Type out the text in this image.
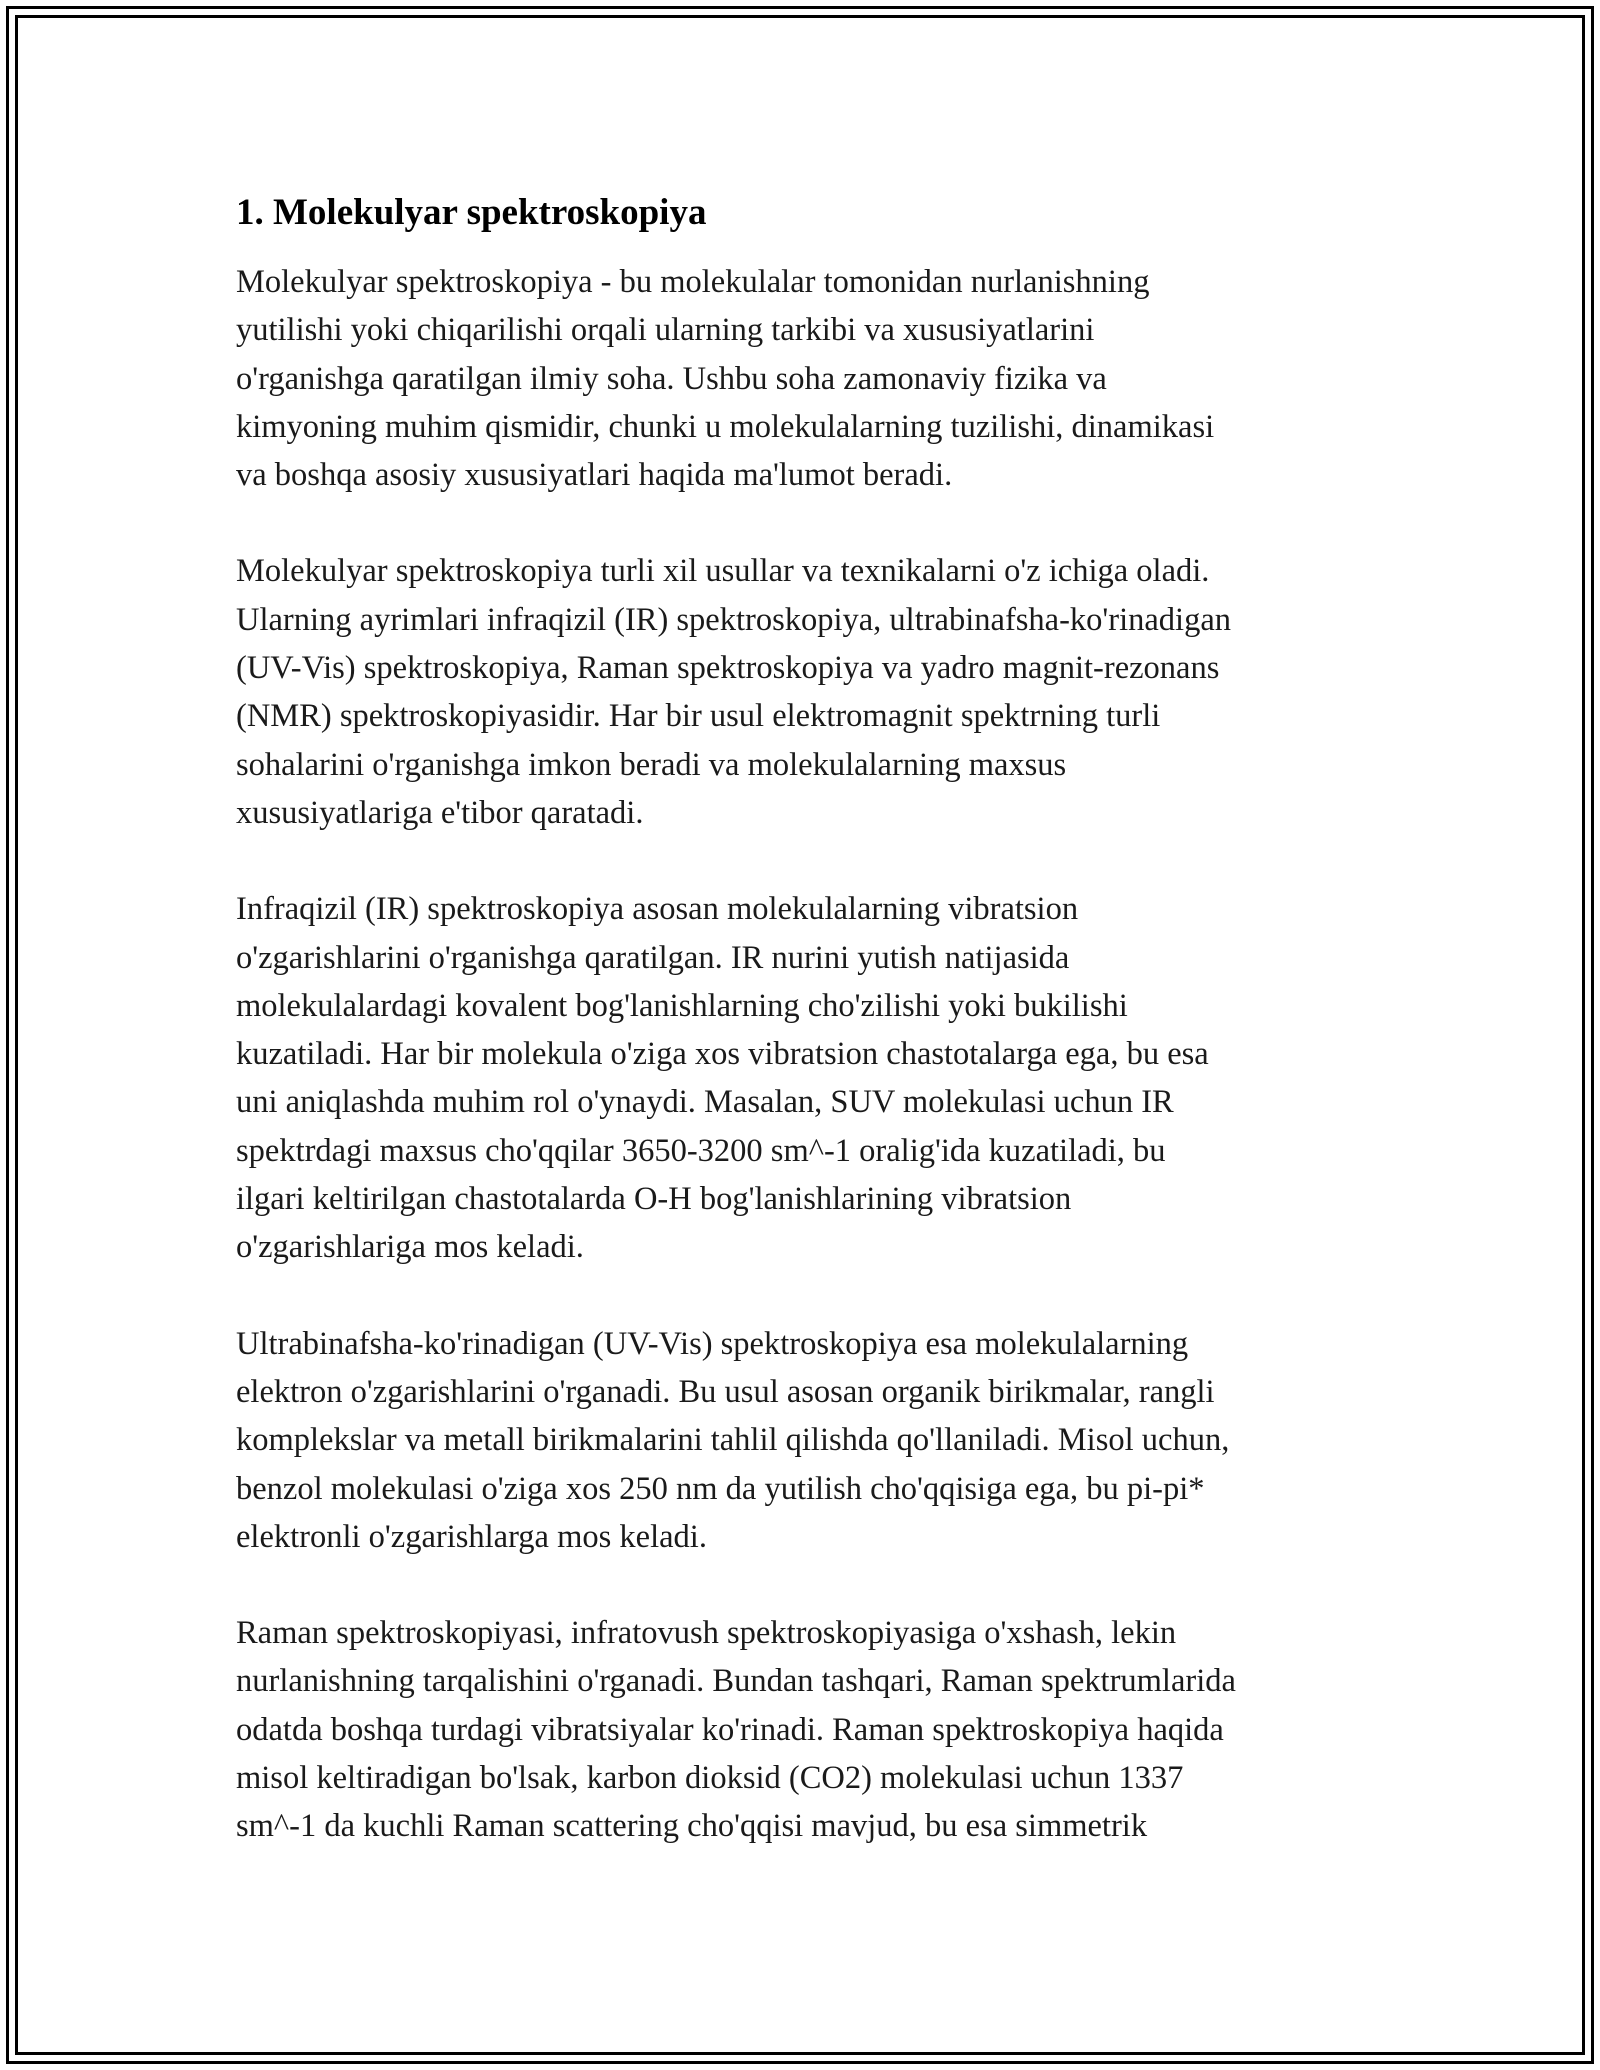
1. Molekulyar spektroskopiya

Molekulyar spektroskopiya - bu molekulalar tomonidan nurlanishning
yutilishi yoki chiqarilishi orqali ularning tarkibi va xususiyatlarini
o'rganishga qaratilgan ilmiy soha. Ushbu soha zamonaviy fizika va
kimyoning muhim qismidir, chunki u molekulalarning tuzilishi, dinamikasi
va boshqa asosiy xususiyatlari haqida ma'lumot beradi.

Molekulyar spektroskopiya turli xil usullar va texnikalarni o'z ichiga oladi.
Ularning ayrimlari infraqizil (IR) spektroskopiya, ultrabinafsha-ko'rinadigan
(UV-Vis) spektroskopiya, Raman spektroskopiya va yadro magnit-rezonans
(NMR) spektroskopiyasidir. Har bir usul elektromagnit spektrning turli
sohalarini o'rganishga imkon beradi va molekulalarning maxsus
xususiyatlariga e'tibor qaratadi.

Infraqizil (IR) spektroskopiya asosan molekulalarning vibratsion
o'zgarishlarini o'rganishga qaratilgan. IR nurini yutish natijasida
molekulalardagi kovalent bog'lanishlarning cho'zilishi yoki bukilishi
kuzatiladi. Har bir molekula o'ziga xos vibratsion chastotalarga ega, bu esa
uni aniqlashda muhim rol o'ynaydi. Masalan, SUV molekulasi uchun IR
spektrdagi maxsus cho'qqilar 3650-3200 sm^-1 oralig'ida kuzatiladi, bu
ilgari keltirilgan chastotalarda O-H bog'lanishlarining vibratsion
o'zgarishlariga mos keladi.

Ultrabinafsha-ko'rinadigan (UV-Vis) spektroskopiya esa molekulalarning
elektron o'zgarishlarini o'rganadi. Bu usul asosan organik birikmalar, rangli
komplekslar va metall birikmalarini tahlil qilishda qo'llaniladi. Misol uchun,
benzol molekulasi o'ziga xos 250 nm da yutilish cho'qqisiga ega, bu pi-pi*
elektronli o'zgarishlarga mos keladi.

Raman spektroskopiyasi, infratovush spektroskopiyasiga o'xshash, lekin
nurlanishning tarqalishini o'rganadi. Bundan tashqari, Raman spektrumlarida
odatda boshqa turdagi vibratsiyalar ko'rinadi. Raman spektroskopiya haqida
misol keltiradigan bo'lsak, karbon dioksid (CO2) molekulasi uchun 1337
sm^-1 da kuchli Raman scattering cho'qqisi mavjud, bu esa simmetrik
